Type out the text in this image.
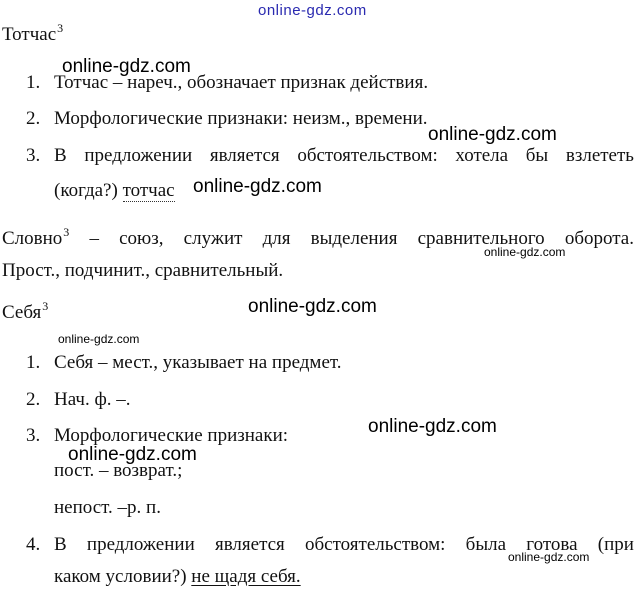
online-gdz.com
Тотчас$^3$
online-gdz.com
1. Тотчас – нареч., обозначает признак действия.
2. Морфологические признаки: неизм., времени.
online-gdz.com
3. В предложении является обстоятельством: хотела бы взлететь
(когда?) тотчас online-gdz.com
Словно$^3$ – союз, служит для выделения сравнительного оборота.
online-gdz.com
Прост., подчинит., сравнительный.
online-gdz.com
Себя$^3$
online-gdz.com
1. Себя – мест., указывает на предмет.
2. Нач. ф. –.
3. Морфологические признаки:	online-gdz.com
пост. – возврат.;
online-gdz.com
непост. –р. п.
4. В предложении является обстоятельством: была готова (при
online-gdz.com
каком условии?) не щадя себя.
